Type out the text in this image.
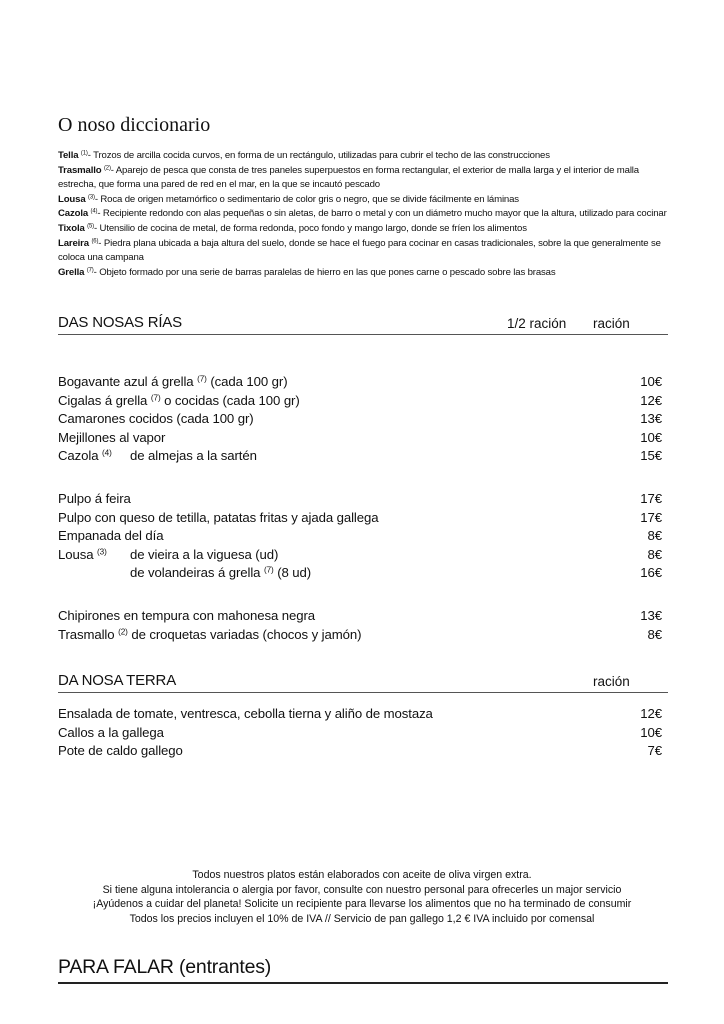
O noso diccionario
Tella $^{(1)}$- Trozos de arcilla cocida curvos, en forma de un rectángulo, utilizadas para cubrir el techo de las construcciones
Trasmallo $^{(2)}$- Aparejo de pesca que consta de tres paneles superpuestos en forma rectangular, el exterior de malla larga y el interior de malla estrecha, que forma una pared de red en el mar, en la que se incautó pescado
Lousa $^{(3)}$- Roca de origen metamórfico o sedimentario de color gris o negro, que se divide fácilmente en láminas
Cazola $^{(4)}$- Recipiente redondo con alas pequeñas o sin aletas, de barro o metal y con un diámetro mucho mayor que la altura, utilizado para cocinar
Tixola $^{(5)}$- Utensilio de cocina de metal, de forma redonda, poco fondo y mango largo, donde se fríen los alimentos
Lareira $^{(6)}$- Piedra plana ubicada a baja altura del suelo, donde se hace el fuego para cocinar en casas tradicionales, sobre la que generalmente se coloca una campana
Grella $^{(7)}$- Objeto formado por una serie de barras paralelas de hierro en las que pones carne o pescado sobre las brasas
DAS NOSAS RÍAS	1/2 ración ración
Bogavante azul á grella $^{(7)}$ (cada 100 gr)	10€
Cigalas á grella $^{(7)}$ o cocidas (cada 100 gr)	12€
Camarones cocidos (cada 100 gr)	13€
Mejillones al vapor	10€
Cazola $^{(4)}$ de almejas a la sartén	15€
Pulpo á feira	17€
Pulpo con queso de tetilla, patatas fritas y ajada gallega	17€
Empanada del día	8€
Lousa $^{(3)}$ de vieira a la viguesa (ud)	8€
de volandeiras á grella $^{(7)}$ (8 ud)	16€
Chipirones en tempura con mahonesa negra	13€
Trasmallo $^{(2)}$ de croquetas variadas (chocos y jamón)	8€
DA NOSA TERRA	ración
Ensalada de tomate, ventresca, cebolla tierna y aliño de mostaza	12€
Callos a la gallega	10€
Pote de caldo gallego	7€
Todos nuestros platos están elaborados con aceite de oliva virgen extra.
Si tiene alguna intolerancia o alergia por favor, consulte con nuestro personal para ofrecerles un major servicio
¡Ayúdenos a cuidar del planeta! Solicite un recipiente para llevarse los alimentos que no ha terminado de consumir
Todos los precios incluyen el 10% de IVA // Servicio de pan gallego 1,2 € IVA incluido por comensal
PARA FALAR (entrantes)
